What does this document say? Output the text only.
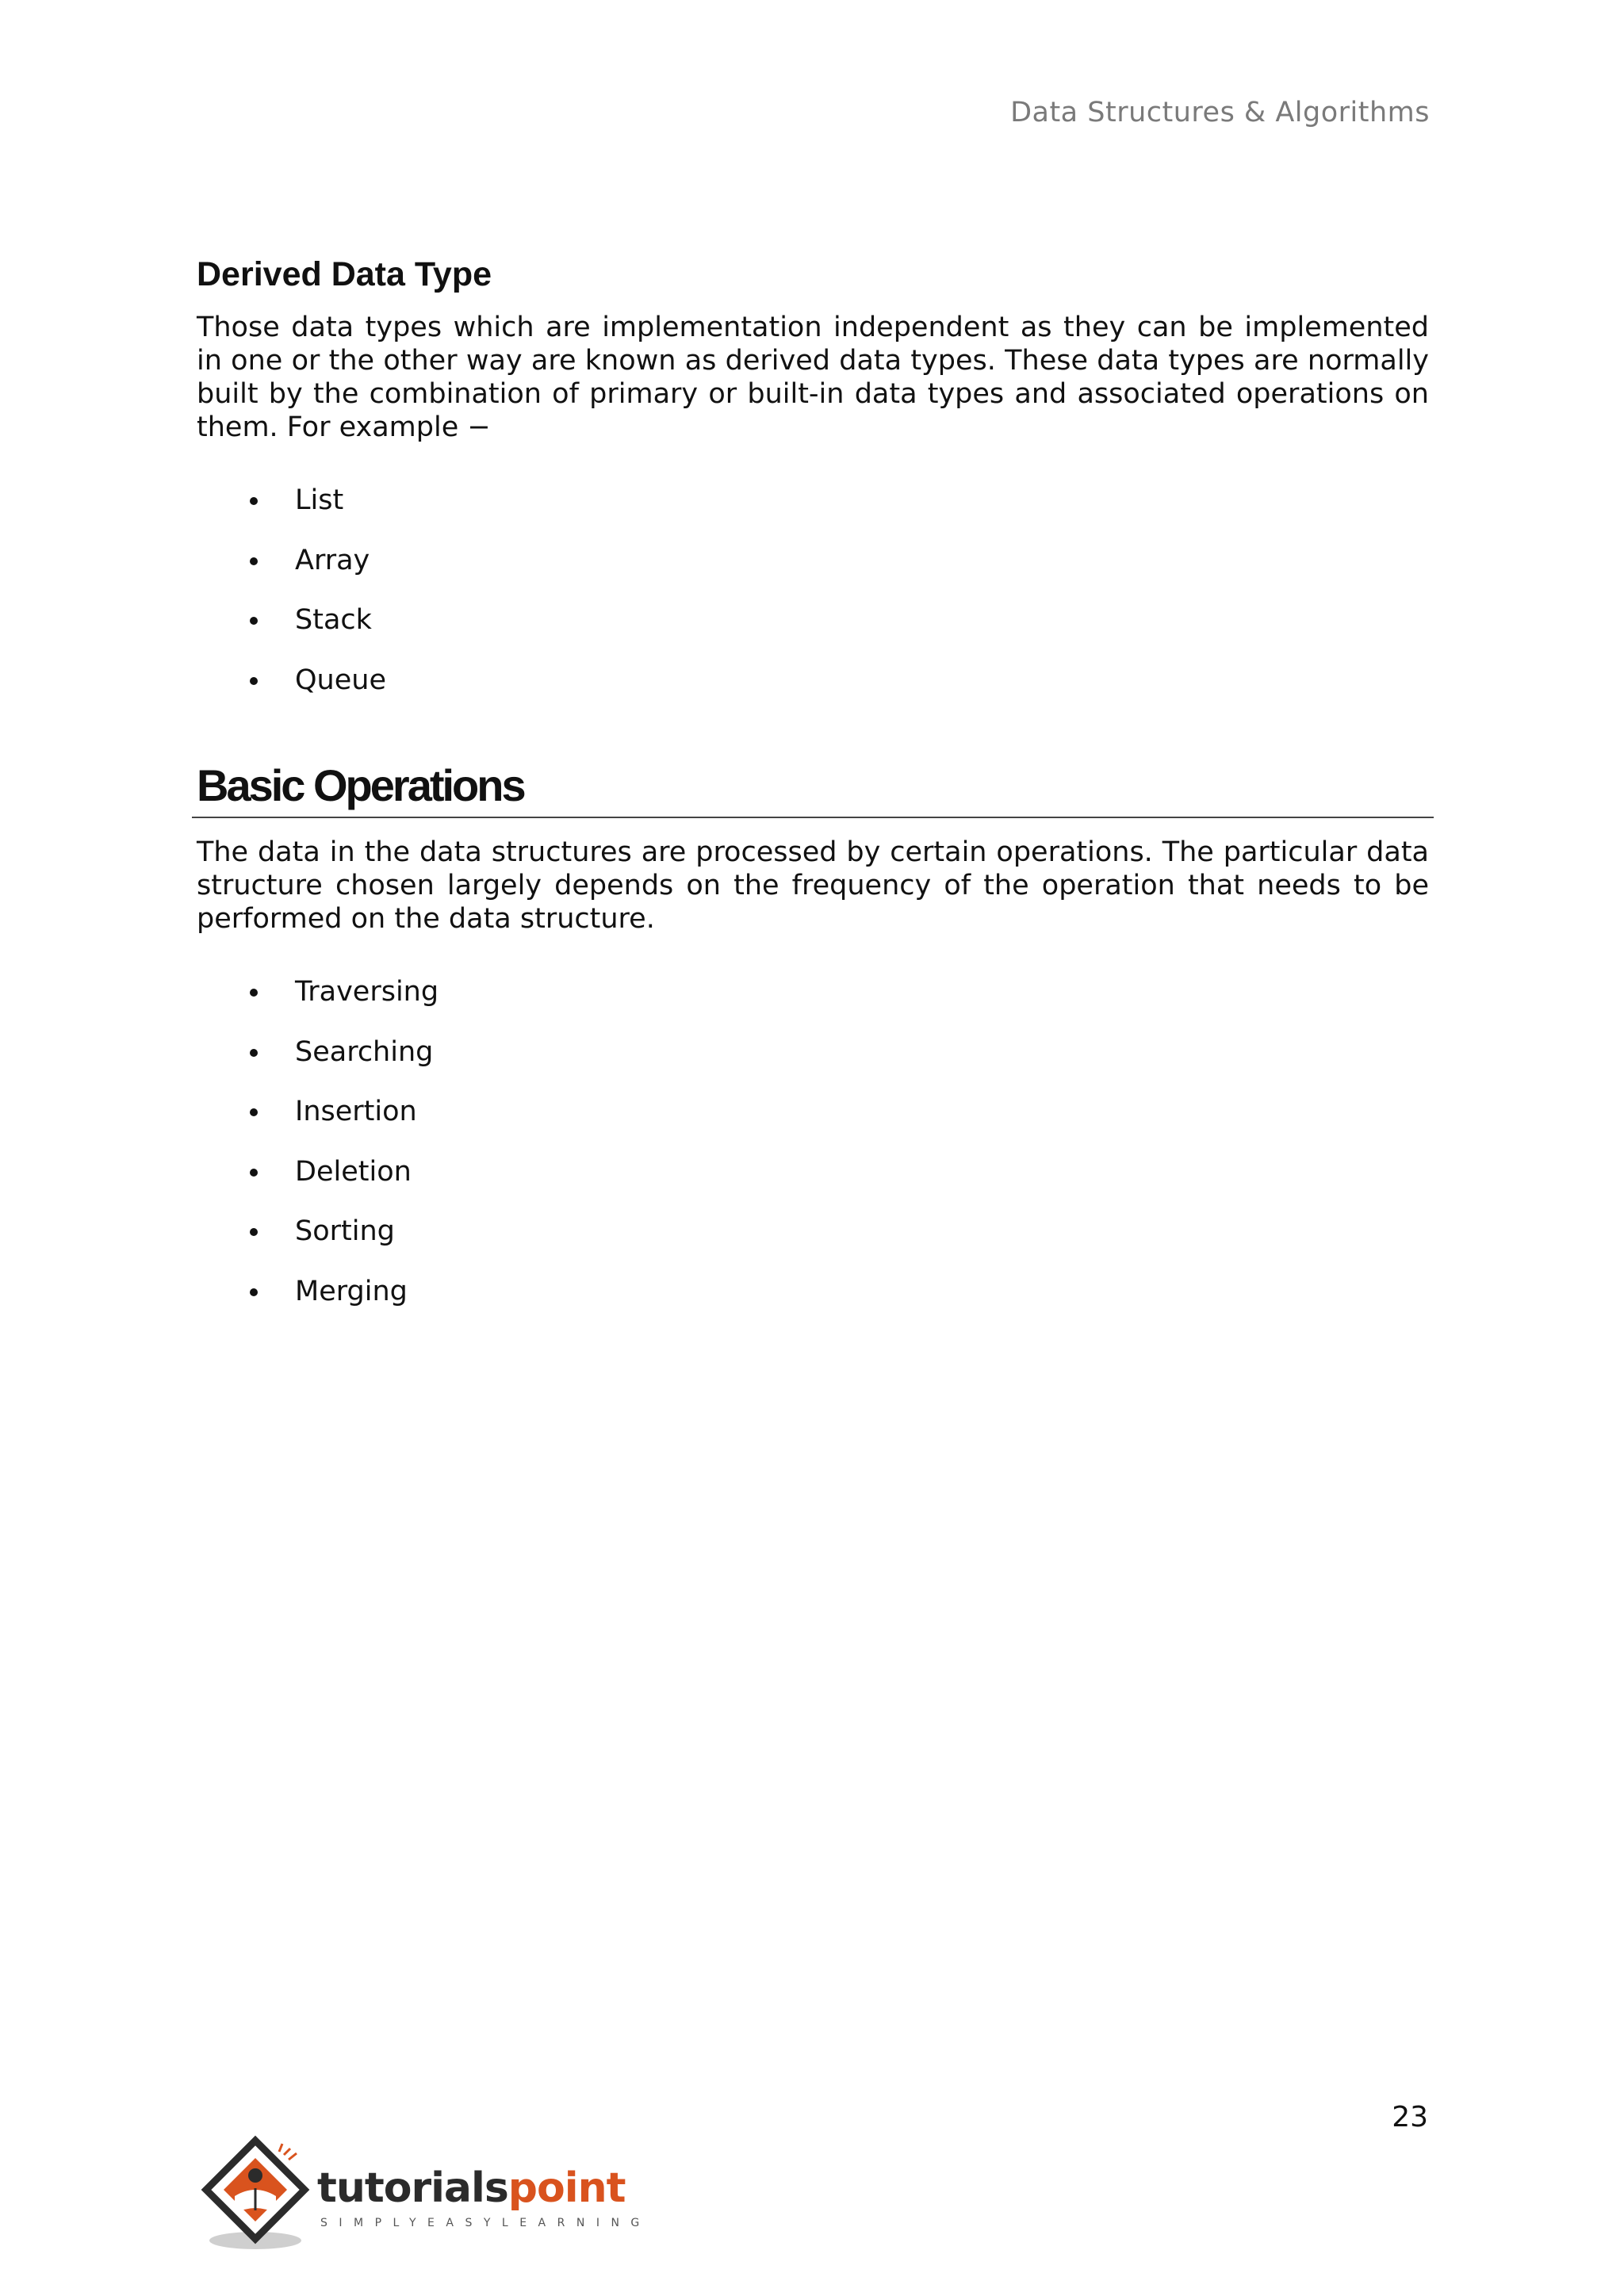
Data Structures & Algorithms
Derived Data Type
Those data types which are implementation independent as they can be implemented in one or the other way are known as derived data types. These data types are normally built by the combination of primary or built-in data types and associated operations on them. For example −
List
Array
Stack
Queue
Basic Operations
The data in the data structures are processed by certain operations. The particular data structure chosen largely depends on the frequency of the operation that needs to be performed on the data structure.
Traversing
Searching
Insertion
Deletion
Sorting
Merging
23
tutorialspoint
SIMPLYEASYLEARNING
